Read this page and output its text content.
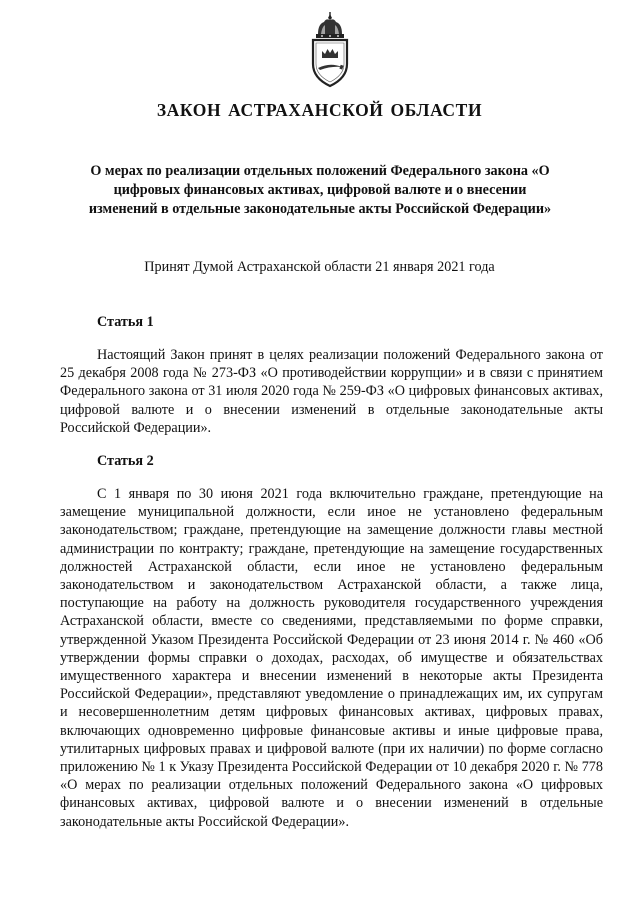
ЗАКОН АСТРАХАНСКОЙ ОБЛАСТИ
О мерах по реализации отдельных положений Федерального закона «О цифровых финансовых активах, цифровой валюте и о внесении изменений в отдельные законодательные акты Российской Федерации»
Принят Думой Астраханской области 21 января 2021 года
Статья 1

Настоящий Закон принят в целях реализации положений Федерального закона от 25 декабря 2008 года № 273-ФЗ «О противодействии коррупции» и в связи с принятием Федерального закона от 31 июля 2020 года № 259-ФЗ «О цифровых финансовых активах, цифровой валюте и о внесении изменений в отдельные законодательные акты Российской Федерации».

Статья 2

С 1 января по 30 июня 2021 года включительно граждане, претендующие на замещение муниципальной должности, если иное не установлено федеральным законодательством; граждане, претендующие на замещение должности главы местной администрации по контракту; граждане, претендующие на замещение государственных должностей Астраханской области, если иное не установлено федеральным законодательством и законодательством Астраханской области, а также лица, поступающие на работу на должность руководителя государственного учреждения Астраханской области, вместе со сведениями, представляемыми по форме справки, утвержденной Указом Президента Российской Федерации от 23 июня 2014 г. № 460 «Об утверждении формы справки о доходах, расходах, об имуществе и обязательствах имущественного характера и внесении изменений в некоторые акты Президента Российской Федерации», представляют уведомление о принадлежащих им, их супругам и несовершеннолетним детям цифровых финансовых активах, цифровых правах, включающих одновременно цифровые финансовые активы и иные цифровые права, утилитарных цифровых правах и цифровой валюте (при их наличии) по форме согласно приложению № 1 к Указу Президента Российской Федерации от 10 декабря 2020 г. № 778 «О мерах по реализации отдельных положений Федерального закона «О цифровых финансовых активах, цифровой валюте и о внесении изменений в отдельные законодательные акты Российской Федерации».
